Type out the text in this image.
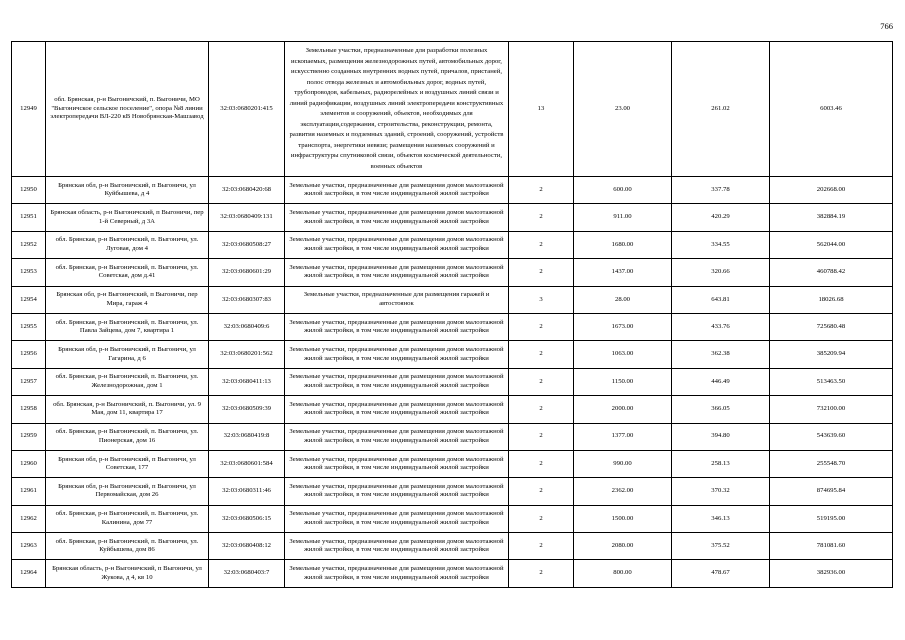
766
12949	обл. Брянская, р-н Выгоничский, п. Выгоничи, МО "Выгоничское сельское поселение", опора №8 линии электропередачи ВЛ-220 кВ Новобрянская-Машзавод	32:03:0680201:415	Земельные участки, предназначенные для разработки полезных ископаемых, размещения железнодорожных путей, автомобильных дорог, искусственно созданных внутренних водных путей, причалов, пристаней, полос отвода железных и автомобильных дорог, водных путей, трубопроводов, кабельных, радиорелейных и воздушных линий связи и линий радиофикации, воздушных линий электропередачи конструктивных элементов и сооружений, объектов, необходимых для эксплуатации,содержания, строительства, реконструкции, ремонта, развития наземных и подземных зданий, строений, сооружений, устройств транспорта, энергетики иевязи; размещения наземных сооружений и инфраструктуры спутниковой связи, объектов космической деятельности, военных объектов	13	23.00	261.02	6003.46
12950	Брянская обл, р-н Выгоничский, п Выгоничи, ул Куйбышева, д 4	32:03:0680420:68	Земельные участки, предназначенные для размещения домов малоэтажной жилой застройки, в том числе индивидуальной жилой застройки	2	600.00	337.78	202668.00
12951	Брянская область, р-н Выгоничский, п Выгоничи, пер 1-й Северный, д 3А	32:03:0680409:131	Земельные участки, предназначенные для размещения домов малоэтажной жилой застройки, в том числе индивидуальной жилой застройки	2	911.00	420.29	382884.19
12952	обл. Брянская, р-н Выгоничский, п. Выгоничи, ул. Луговая, дом 4	32:03:0680508:27	Земельные участки, предназначенные для размещения домов малоэтажной жилой застройки, в том числе индивидуальной жилой застройки	2	1680.00	334.55	562044.00
12953	обл. Брянская, р-н Выгоничский, п. Выгоничи, ул. Советская, дом д.41	32:03:0680601:29	Земельные участки, предназначенные для размещения домов малоэтажной жилой застройки, в том числе индивидуальной жилой застройки	2	1437.00	320.66	460788.42
12954	Брянская обл, р-н Выгоничский, п Выгоничи, пер Мира, гараж 4	32:03:0680307:83	Земельные участки, предназначенные для размещения гаражей и автостоянок	3	28.00	643.81	18026.68
12955	обл. Брянская, р-н Выгоничский, п. Выгоничи, ул. Павла Зайцева, дом 7, квартира 1	32:03:0680409:6	Земельные участки, предназначенные для размещения домов малоэтажной жилой застройки, в том числе индивидуальной жилой застройки	2	1673.00	433.76	725680.48
12956	Брянская обл, р-н Выгоничский, п Выгоничи, ул Гагарина, д 6	32:03:0680201:562	Земельные участки, предназначенные для размещения домов малоэтажной жилой застройки, в том числе индивидуальной жилой застройки	2	1063.00	362.38	385209.94
12957	обл. Брянская, р-н Выгоничский, п. Выгоничи, ул. Железнодорожная, дом 1	32:03:0680411:13	Земельные участки, предназначенные для размещения домов малоэтажной жилой застройки, в том числе индивидуальной жилой застройки	2	1150.00	446.49	513463.50
12958	обл. Брянская, р-н Выгоничский, п. Выгоничи, ул. 9 Мая, дом 11, квартира 17	32:03:0680509:39	Земельные участки, предназначенные для размещения домов малоэтажной жилой застройки, в том числе индивидуальной жилой застройки	2	2000.00	366.05	732100.00
12959	обл. Брянская, р-н Выгоничский, п. Выгоничи, ул. Пионерская, дом 16	32:03:0680419:8	Земельные участки, предназначенные для размещения домов малоэтажной жилой застройки, в том числе индивидуальной жилой застройки	2	1377.00	394.80	543639.60
12960	Брянская обл, р-н Выгоничский, п Выгоничи, ул Советская, 177	32:03:0680601:584	Земельные участки, предназначенные для размещения домов малоэтажной жилой застройки, в том числе индивидуальной жилой застройки	2	990.00	258.13	255548.70
12961	Брянская обл, р-н Выгоничский, п Выгоничи, ул Первомайская, дом 26	32:03:0680311:46	Земельные участки, предназначенные для размещения домов малоэтажной жилой застройки, в том числе индивидуальной жилой застройки	2	2362.00	370.32	874695.84
12962	обл. Брянская, р-н Выгоничский, п. Выгоничи, ул. Калинина, дом 77	32:03:0680506:15	Земельные участки, предназначенные для размещения домов малоэтажной жилой застройки, в том числе индивидуальной жилой застройки	2	1500.00	346.13	519195.00
12963	обл. Брянская, р-н Выгоничский, п. Выгоничи, ул. Куйбышева, дом 86	32:03:0680408:12	Земельные участки, предназначенные для размещения домов малоэтажной жилой застройки, в том числе индивидуальной жилой застройки	2	2080.00	375.52	781081.60
12964	Брянская область, р-н Выгоничский, п Выгоничи, ул Жукова, д 4, кв 10	32:03:0680403:7	Земельные участки, предназначенные для размещения домов малоэтажной жилой застройки, в том числе индивидуальной жилой застройки	2	800.00	478.67	382936.00
